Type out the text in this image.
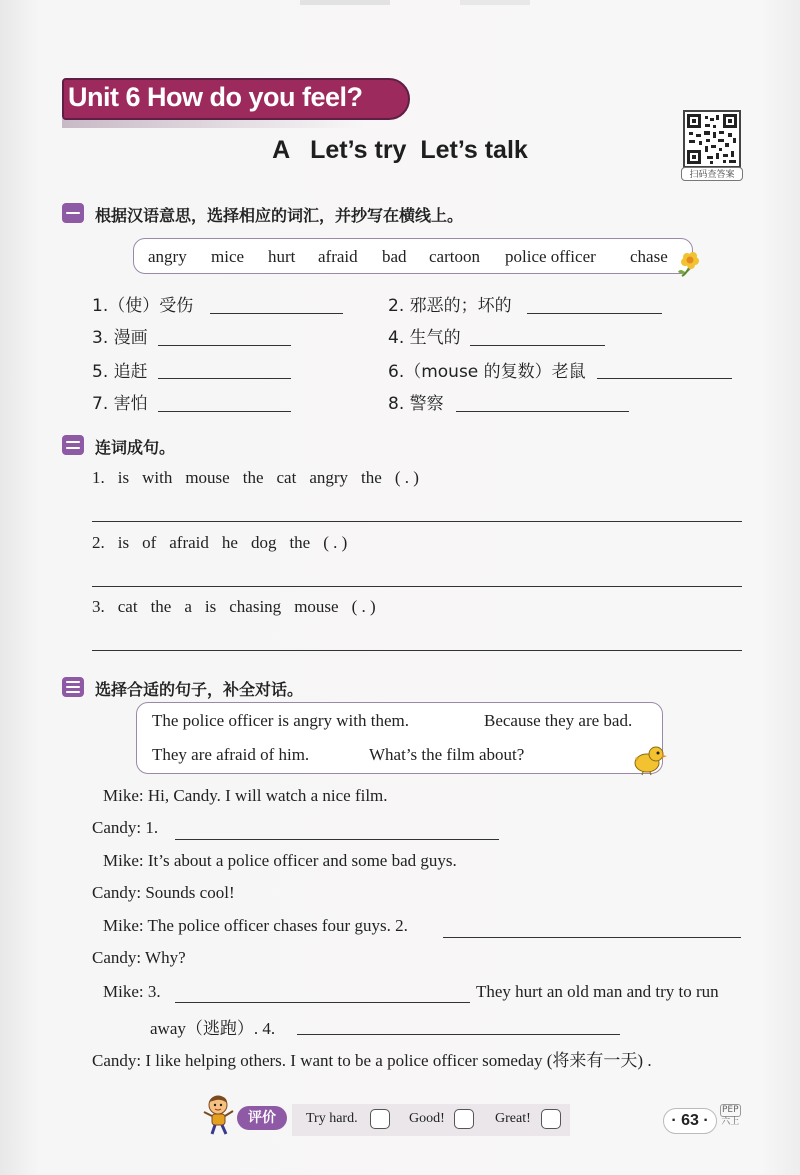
Unit 6 How do you feel?
A   Let’s try  Let’s talk
扫码查答案
根据汉语意思，选择相应的词汇，并抄写在横线上。
angry mice hurt afraid bad cartoon police officer chase
1.（使）受伤	2. 邪恶的；坏的
3. 漫画	4. 生气的
5. 追赶	6.（mouse 的复数）老鼠
7. 害怕	8. 警察
连词成句。
1. is with mouse the cat angry the ( . )
2. is of afraid he dog the ( . )
3. cat the a is chasing mouse ( . )
选择合适的句子，补全对话。
The police officer is angry with them.	Because they are bad.
They are afraid of him.	What’s the film about?
Mike: Hi, Candy. I will watch a nice film.
Candy: 1.
Mike: It’s about a police officer and some bad guys.
Candy: Sounds cool!
Mike: The police officer chases four guys. 2.
Candy: Why?
Mike: 3.	They hurt an old man and try to run
away（逃跑）. 4.
Candy: I like helping others. I want to be a police officer someday (将来有一天) .
评价	Try hard.	Good!	Great!	· 63 ·
PEP
六上
